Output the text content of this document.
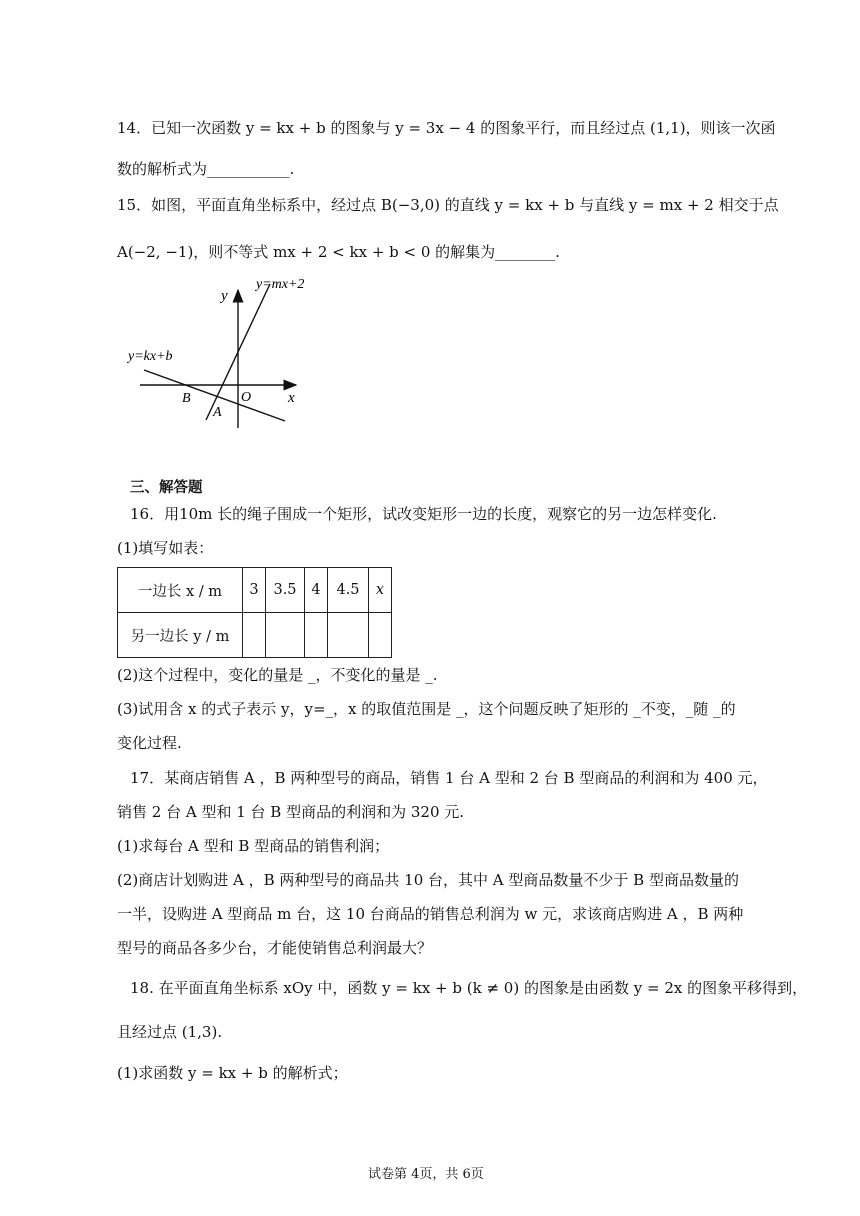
14．已知一次函数 y = kx + b 的图象与 y = 3x − 4 的图象平行，而且经过点 (1,1)，则该一次函
数的解析式为___________.
15．如图，平面直角坐标系中，经过点 B(−3,0) 的直线 y = kx + b 与直线 y = mx + 2 相交于点
A(−2, −1)，则不等式 mx + 2 < kx + b < 0 的解集为________.
y=mx+2
y=kx+b
y
x
O
B
A
三、解答题
16．用10m 长的绳子围成一个矩形，试改变矩形一边的长度，观察它的另一边怎样变化.
(1)填写如表：
一边长 x / m	3	3.5	4	4.5	x
另一边长 y / m					
(2)这个过程中，变化的量是 _，不变化的量是 _.
(3)试用含 x 的式子表示 y，y=_，x 的取值范围是 _，这个问题反映了矩形的 _不变，_随 _的
变化过程.
17．某商店销售 A ，B 两种型号的商品，销售 1 台 A 型和 2 台 B 型商品的利润和为 400 元，
销售 2 台 A 型和 1 台 B 型商品的利润和为 320 元.
(1)求每台 A 型和 B 型商品的销售利润；
(2)商店计划购进 A ，B 两种型号的商品共 10 台，其中 A 型商品数量不少于 B 型商品数量的
一半，设购进 A 型商品 m 台，这 10 台商品的销售总利润为 w 元，求该商店购进 A ，B 两种
型号的商品各多少台，才能使销售总利润最大？
18. 在平面直角坐标系 xOy 中，函数 y = kx + b (k ≠ 0) 的图象是由函数 y = 2x 的图象平移得到，
且经过点 (1,3).
(1)求函数 y = kx + b 的解析式；
试卷第 4页，共 6页
